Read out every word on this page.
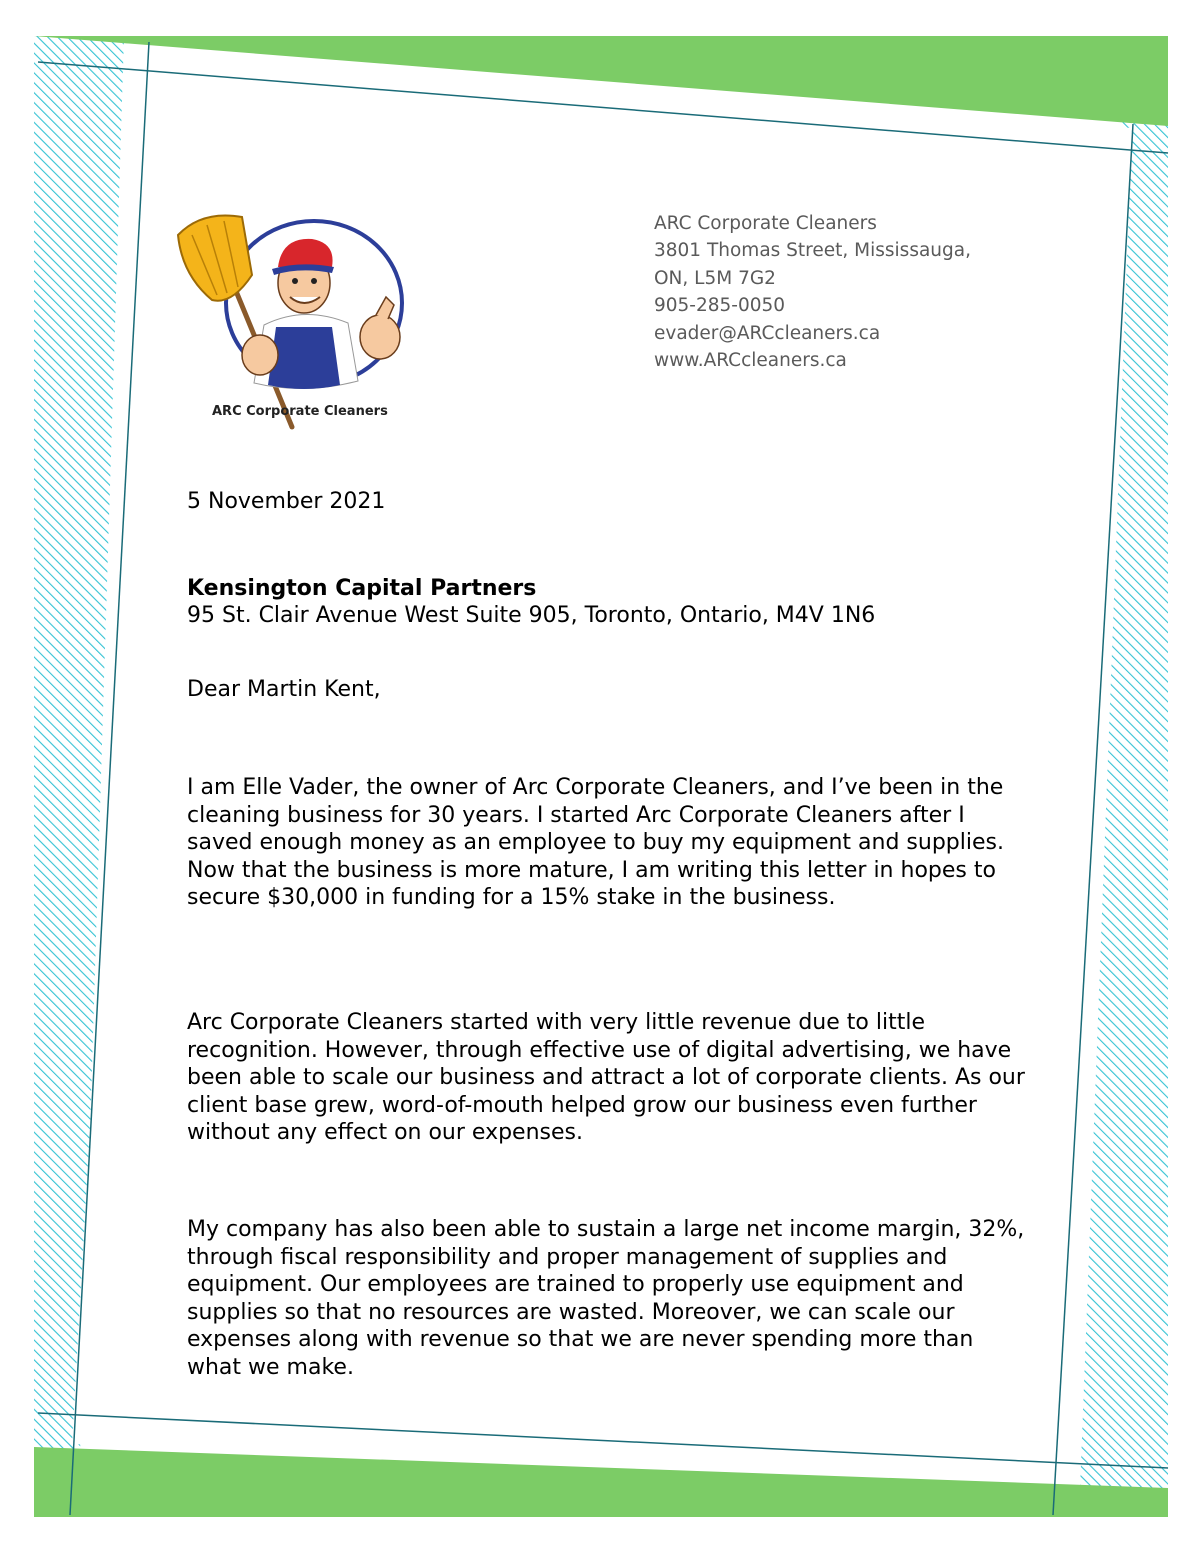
ARC Corporate Cleaners
ARC Corporate Cleaners
3801 Thomas Street, Mississauga,
ON, L5M 7G2
905-285-0050
evader@ARCcleaners.ca
www.ARCcleaners.ca
5 November 2021
Kensington Capital Partners
95 St. Clair Avenue West Suite 905, Toronto, Ontario, M4V 1N6
Dear Martin Kent,
I am Elle Vader, the owner of Arc Corporate Cleaners, and I’ve been in the cleaning business for 30 years. I started Arc Corporate Cleaners after I saved enough money as an employee to buy my equipment and supplies. Now that the business is more mature, I am writing this letter in hopes to secure $30,000 in funding for a 15% stake in the business.
Arc Corporate Cleaners started with very little revenue due to little recognition. However, through effective use of digital advertising, we have been able to scale our business and attract a lot of corporate clients. As our client base grew, word-of-mouth helped grow our business even further without any effect on our expenses.
My company has also been able to sustain a large net income margin, 32%, through fiscal responsibility and proper management of supplies and equipment. Our employees are trained to properly use equipment and supplies so that no resources are wasted. Moreover, we can scale our expenses along with revenue so that we are never spending more than what we make.
